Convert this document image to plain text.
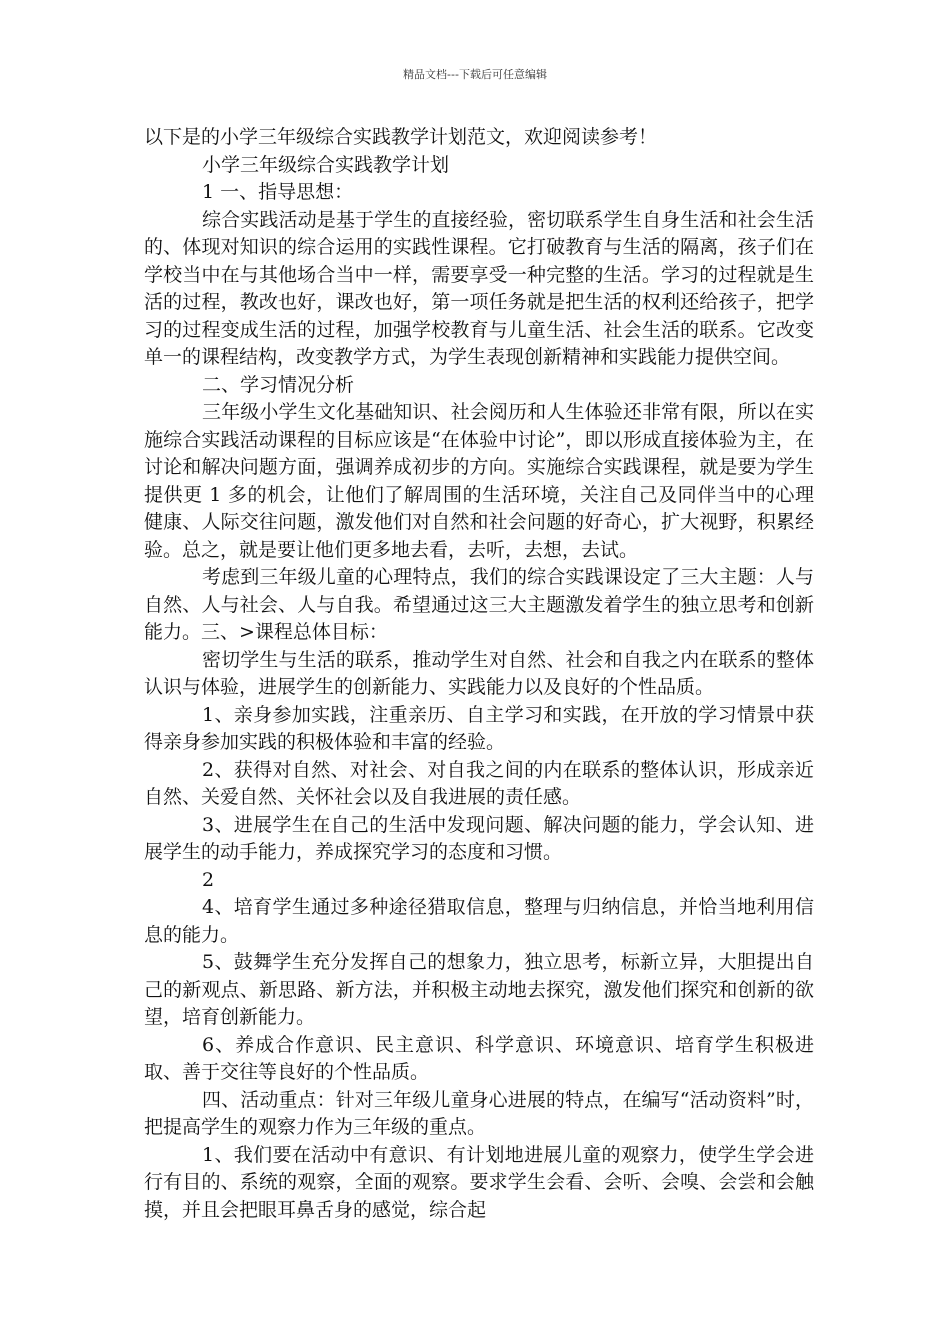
精品文档---下载后可任意编辑

以下是的小学三年级综合实践教学计划范文，欢迎阅读参考！

小学三年级综合实践教学计划

1 一、指导思想：

综合实践活动是基于学生的直接经验，密切联系学生自身生活和社会生活的、体现对知识的综合运用的实践性课程。它打破教育与生活的隔离，孩子们在学校当中在与其他场合当中一样，需要享受一种完整的生活。学习的过程就是生活的过程，教改也好，课改也好，第一项任务就是把生活的权利还给孩子，把学习的过程变成生活的过程，加强学校教育与儿童生活、社会生活的联系。它改变单一的课程结构，改变教学方式，为学生表现创新精神和实践能力提供空间。

二、学习情况分析

三年级小学生文化基础知识、社会阅历和人生体验还非常有限，所以在实施综合实践活动课程的目标应该是“在体验中讨论”，即以形成直接体验为主，在讨论和解决问题方面，强调养成初步的方向。实施综合实践课程，就是要为学生提供更 1 多的机会，让他们了解周围的生活环境，关注自己及同伴当中的心理健康、人际交往问题，激发他们对自然和社会问题的好奇心，扩大视野，积累经验。总之，就是要让他们更多地去看，去听，去想，去试。

考虑到三年级儿童的心理特点，我们的综合实践课设定了三大主题：人与自然、人与社会、人与自我。希望通过这三大主题激发着学生的独立思考和创新能力。三、>课程总体目标：

密切学生与生活的联系，推动学生对自然、社会和自我之内在联系的整体认识与体验，进展学生的创新能力、实践能力以及良好的个性品质。

1、亲身参加实践，注重亲历、自主学习和实践，在开放的学习情景中获得亲身参加实践的积极体验和丰富的经验。

2、获得对自然、对社会、对自我之间的内在联系的整体认识，形成亲近自然、关爱自然、关怀社会以及自我进展的责任感。

3、进展学生在自己的生活中发现问题、解决问题的能力，学会认知、进展学生的动手能力，养成探究学习的态度和习惯。

2

4、培育学生通过多种途径猎取信息，整理与归纳信息，并恰当地利用信息的能力。

5、鼓舞学生充分发挥自己的想象力，独立思考，标新立异，大胆提出自己的新观点、新思路、新方法，并积极主动地去探究，激发他们探究和创新的欲望，培育创新能力。

6、养成合作意识、民主意识、科学意识、环境意识、培育学生积极进取、善于交往等良好的个性品质。

四、活动重点：针对三年级儿童身心进展的特点，在编写“活动资料”时，把提高学生的观察力作为三年级的重点。

1、我们要在活动中有意识、有计划地进展儿童的观察力，使学生学会进行有目的、系统的观察，全面的观察。要求学生会看、会听、会嗅、会尝和会触摸，并且会把眼耳鼻舌身的感觉，综合起
